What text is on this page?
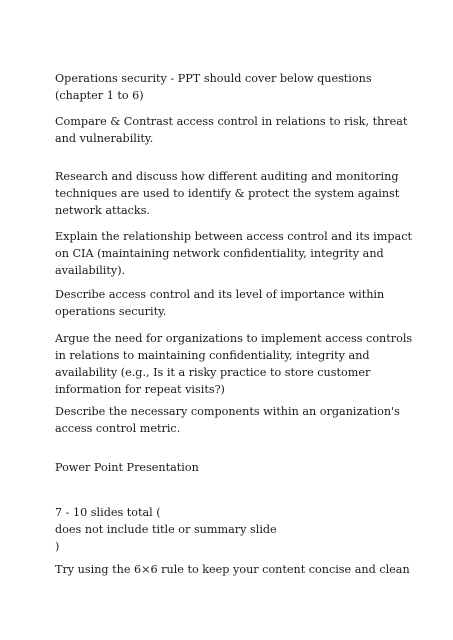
Operations security - PPT should cover below questions
(chapter 1 to 6)

Compare & Contrast access control in relations to risk, threat
and vulnerability.

Research and discuss how different auditing and monitoring
techniques are used to identify & protect the system against
network attacks.

Explain the relationship between access control and its impact
on CIA (maintaining network confidentiality, integrity and
availability).

Describe access control and its level of importance within
operations security.

Argue the need for organizations to implement access controls
in relations to maintaining confidentiality, integrity and
availability (e.g., Is it a risky practice to store customer
information for repeat visits?)

Describe the necessary components within an organization's
access control metric.

Power Point Presentation

7 - 10 slides total (
does not include title or summary slide
)

Try using the 6×6 rule to keep your content concise and clean
